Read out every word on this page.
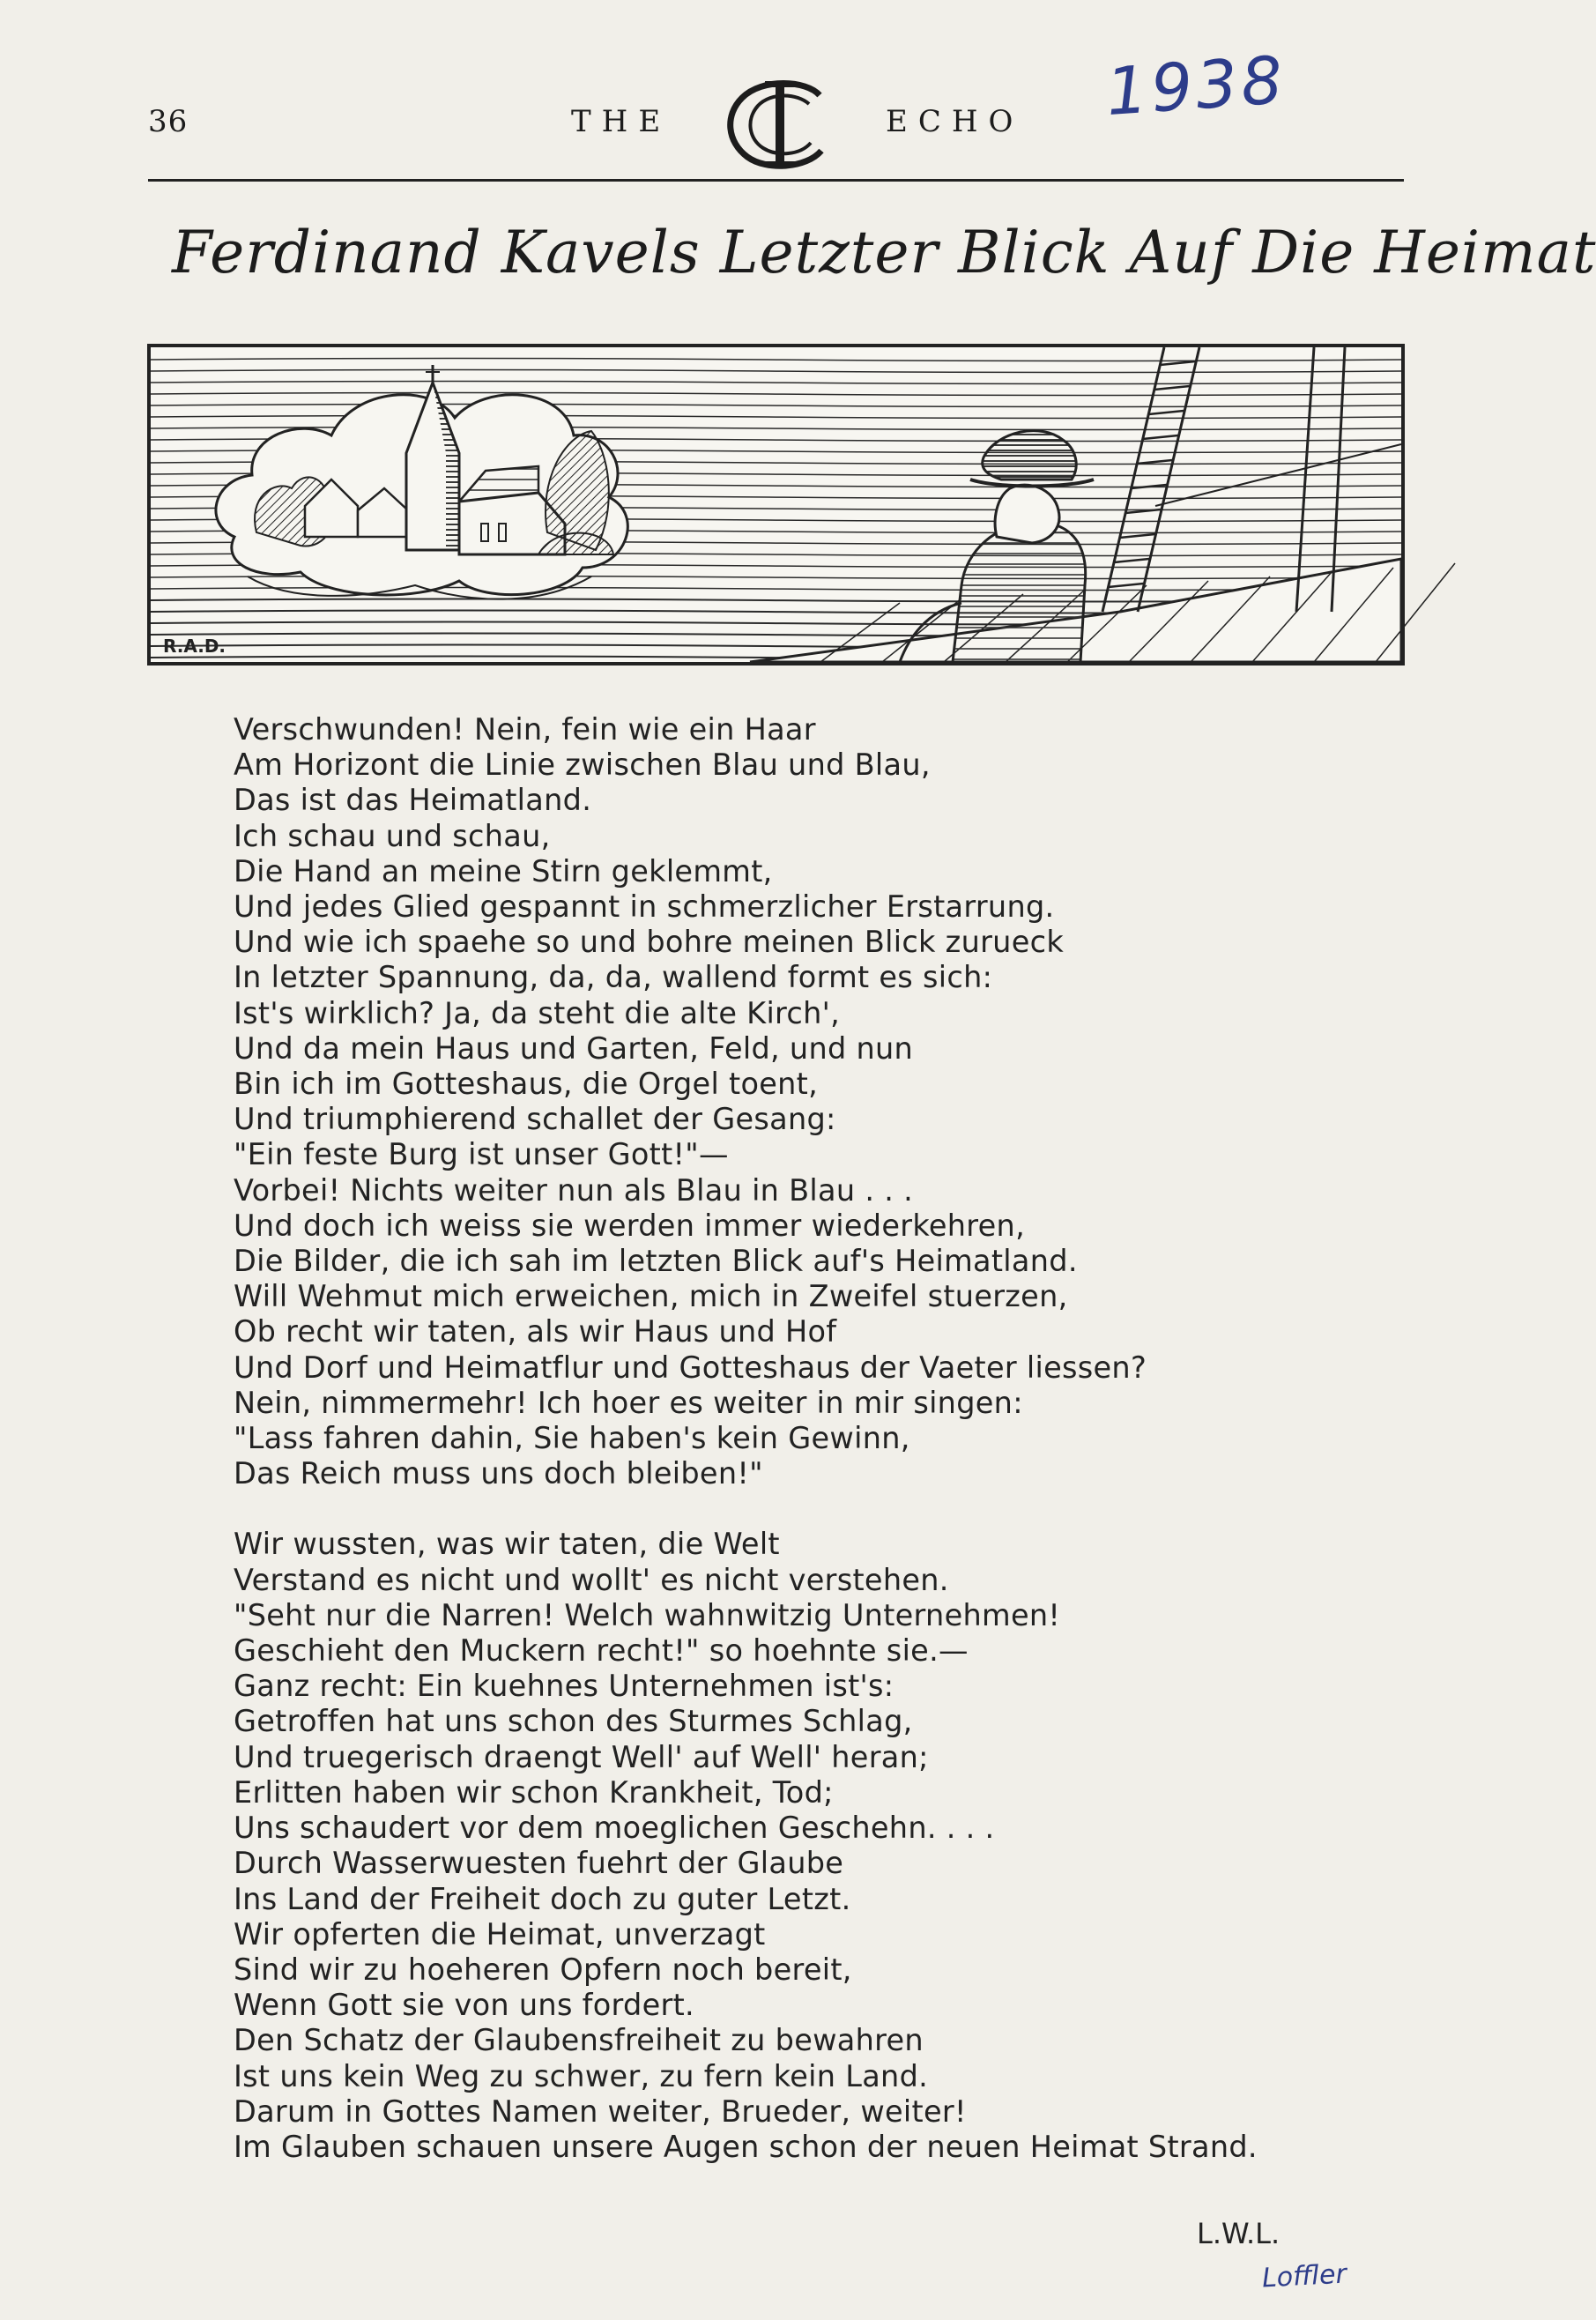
36	THE	ECHO 1938
Ferdinand Kavels Letzter Blick Auf Die Heimat
R.A.D.
Verschwunden! Nein, fein wie ein Haar
Am Horizont die Linie zwischen Blau und Blau,
Das ist das Heimatland.
Ich schau und schau,
Die Hand an meine Stirn geklemmt,
Und jedes Glied gespannt in schmerzlicher Erstarrung.
Und wie ich spaehe so und bohre meinen Blick zurueck
In letzter Spannung, da, da, wallend formt es sich:
Ist's wirklich? Ja, da steht die alte Kirch',
Und da mein Haus und Garten, Feld, und nun
Bin ich im Gotteshaus, die Orgel toent,
Und triumphierend schallet der Gesang:
"Ein feste Burg ist unser Gott!"—
Vorbei! Nichts weiter nun als Blau in Blau . . .
Und doch ich weiss sie werden immer wiederkehren,
Die Bilder, die ich sah im letzten Blick auf's Heimatland.
Will Wehmut mich erweichen, mich in Zweifel stuerzen,
Ob recht wir taten, als wir Haus und Hof
Und Dorf und Heimatflur und Gotteshaus der Vaeter liessen?
Nein, nimmermehr! Ich hoer es weiter in mir singen:
"Lass fahren dahin, Sie haben's kein Gewinn,
Das Reich muss uns doch bleiben!"
Wir wussten, was wir taten, die Welt
Verstand es nicht und wollt' es nicht verstehen.
"Seht nur die Narren! Welch wahnwitzig Unternehmen!
Geschieht den Muckern recht!" so hoehnte sie.—
Ganz recht: Ein kuehnes Unternehmen ist's:
Getroffen hat uns schon des Sturmes Schlag,
Und truegerisch draengt Well' auf Well' heran;
Erlitten haben wir schon Krankheit, Tod;
Uns schaudert vor dem moeglichen Geschehn. . . .
Durch Wasserwuesten fuehrt der Glaube
Ins Land der Freiheit doch zu guter Letzt.
Wir opferten die Heimat, unverzagt
Sind wir zu hoeheren Opfern noch bereit,
Wenn Gott sie von uns fordert.
Den Schatz der Glaubensfreiheit zu bewahren
Ist uns kein Weg zu schwer, zu fern kein Land.
Darum in Gottes Namen weiter, Brueder, weiter!
Im Glauben schauen unsere Augen schon der neuen Heimat Strand.
L.W.L.
Loffler
